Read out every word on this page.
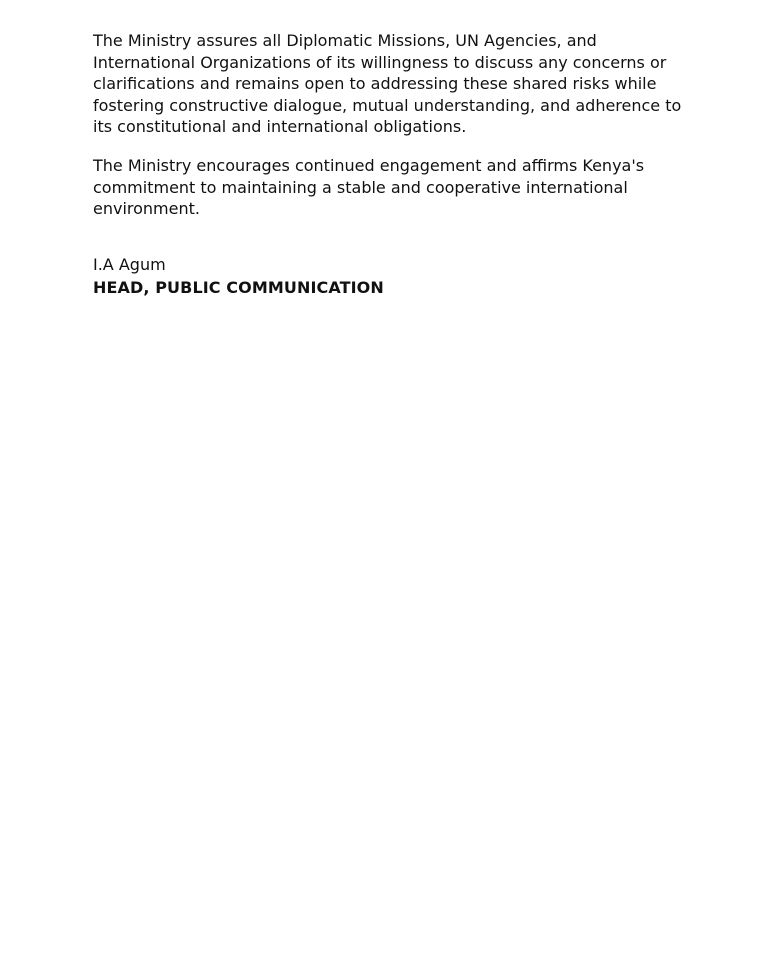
The Ministry assures all Diplomatic Missions, UN Agencies, and International Organizations of its willingness to discuss any concerns or clarifications and remains open to addressing these shared risks while fostering constructive dialogue, mutual understanding, and adherence to its constitutional and international obligations.

The Ministry encourages continued engagement and affirms Kenya's commitment to maintaining a stable and cooperative international environment.

I.A Agum

HEAD, PUBLIC COMMUNICATION
